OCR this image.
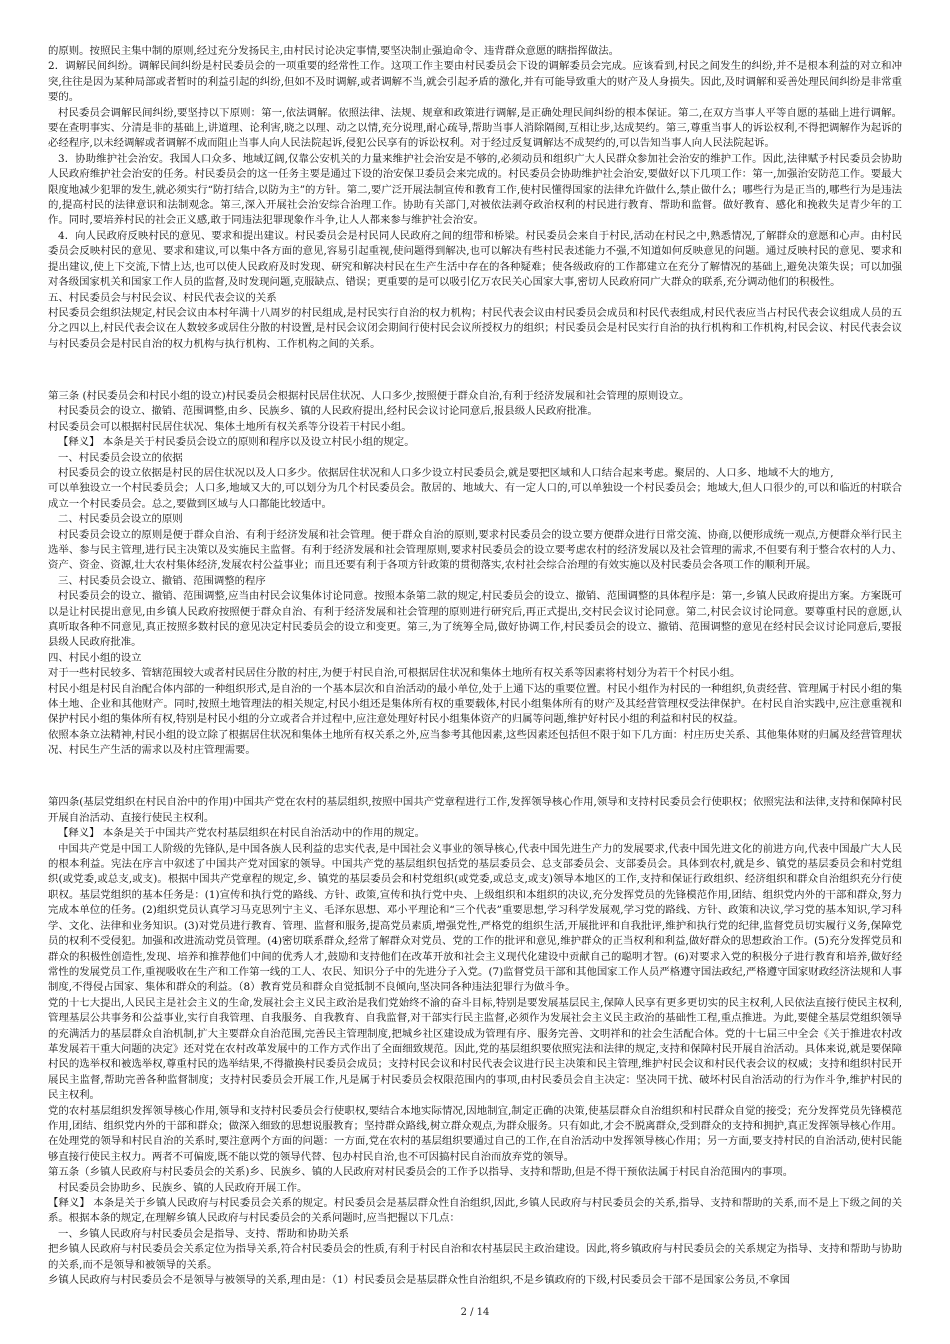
的原则。按照民主集中制的原则,经过充分发扬民主,由村民讨论决定事情,要坚决制止强迫命令、违背群众意愿的瞎指挥做法。

2．调解民间纠纷。调解民间纠纷是村民委员会的一项重要的经常性工作。这项工作主要由村民委员会下设的调解委员会完成。应该看到,村民之间发生的纠纷,并不是根本利益的对立和冲突,往往是因为某种局部或者暂时的利益引起的纠纷,但如不及时调解,或者调解不当,就会引起矛盾的激化,并有可能导致重大的财产及人身损失。因此,及时调解和妥善处理民间纠纷是非常重要的。

村民委员会调解民间纠纷,要坚持以下原则：第一,依法调解。依照法律、法规、规章和政策进行调解,是正确处理民间纠纷的根本保证。第二,在双方当事人平等自愿的基础上进行调解。要在查明事实、分清是非的基础上,讲道理、论利害,晓之以理、动之以情,充分说理,耐心疏导,帮助当事人消除隔阂,互相让步,达成契约。第三,尊重当事人的诉讼权利,不得把调解作为起诉的必经程序,以未经调解或者调解不成而阻止当事人向人民法院起诉,侵犯公民享有的诉讼权利。对于经过反复调解达不成契约的,可以告知当事人向人民法院起诉。

3．协助维护社会治安。我国人口众多、地域辽阔,仅靠公安机关的力量来维护社会治安是不够的,必须动员和组织广大人民群众参加社会治安的维护工作。因此,法律赋予村民委员会协助人民政府维护社会治安的任务。村民委员会的这一任务主要是通过下设的治安保卫委员会来完成的。村民委员会协助维护社会治安,要做好以下几项工作：第一,加强治安防范工作。要最大限度地减少犯罪的发生,就必须实行“防打结合,以防为主”的方针。第二,要广泛开展法制宣传和教育工作,使村民懂得国家的法律允许做什么,禁止做什么；哪些行为是正当的,哪些行为是违法的,提高村民的法律意识和法制观念。第三,深入开展社会治安综合治理工作。协助有关部门,对被依法剥夺政治权利的村民进行教育、帮助和监督。做好教育、感化和挽救失足青少年的工作。同时,要培养村民的社会正义感,敢于同违法犯罪现象作斗争,让人人都来参与维护社会治安。

4．向人民政府反映村民的意见、要求和提出建议。村民委员会是村民同人民政府之间的纽带和桥梁。村民委员会来自于村民,活动在村民之中,熟悉情况,了解群众的意愿和心声。由村民委员会反映村民的意见、要求和建议,可以集中各方面的意见,容易引起重视,使问题得到解决,也可以解决有些村民表述能力不强,不知道如何反映意见的问题。通过反映村民的意见、要求和提出建议,使上下交流,下情上达,也可以使人民政府及时发现、研究和解决村民在生产生活中存在的各种疑难；使各级政府的工作都建立在充分了解情况的基础上,避免决策失误；可以加强对各级国家机关和国家工作人员的监督,及时发现问题,克服缺点、错误；更重要的是可以吸引亿万农民关心国家大事,密切人民政府同广大群众的联系,充分调动他们的积极性。

五、村民委员会与村民会议、村民代表会议的关系

村民委员会组织法规定,村民会议由本村年满十八周岁的村民组成,是村民实行自治的权力机构；村民代表会议由村民委员会成员和村民代表组成,村民代表应当占村民代表会议组成人员的五分之四以上,村民代表会议在人数较多或居住分散的村设置,是村民会议闭会期间行使村民会议所授权力的组织；村民委员会是村民实行自治的执行机构和工作机构,村民会议、村民代表会议与村民委员会是村民自治的权力机构与执行机构、工作机构之间的关系。

第三条 (村民委员会和村民小组的设立)村民委员会根据村民居住状况、人口多少,按照便于群众自治,有利于经济发展和社会管理的原则设立。

村民委员会的设立、撤销、范围调整,由乡、民族乡、镇的人民政府提出,经村民会议讨论同意后,报县级人民政府批准。

村民委员会可以根据村民居住状况、集体土地所有权关系等分设若干村民小组。

【释义】 本条是关于村民委员会设立的原则和程序以及设立村民小组的规定。

一、村民委员会设立的依据

村民委员会的设立依据是村民的居住状况以及人口多少。依据居住状况和人口多少设立村民委员会,就是要把区域和人口结合起来考虑。聚居的、人口多、地域不大的地方,

可以单独设立一个村民委员会；人口多,地域又大的,可以划分为几个村民委员会。散居的、地域大、有一定人口的,可以单独设一个村民委员会；地域大,但人口很少的,可以和临近的村联合成立一个村民委员会。总之,要做到区域与人口都能比较适中。

二、村民委员会设立的原则

村民委员会设立的原则是便于群众自治、有利于经济发展和社会管理。便于群众自治的原则,要求村民委员会的设立要方便群众进行日常交流、协商,以便形成统一观点,方便群众举行民主选举、参与民主管理,进行民主决策以及实施民主监督。有利于经济发展和社会管理原则,要求村民委员会的设立要考虑农村的经济发展以及社会管理的需求,不但要有利于整合农村的人力、资产、资金、资源,壮大农村集体经济,发展农村公益事业；而且还要有利于各项方针政策的贯彻落实,农村社会综合治理的有效实施以及村民委员会各项工作的顺利开展。

三、村民委员会设立、撤销、范围调整的程序

村民委员会的设立、撤销、范围调整,应当由村民会议集体讨论同意。按照本条第二款的规定,村民委员会的设立、撤销、范围调整的具体程序是：第一,乡镇人民政府提出方案。方案既可以是让村民提出意见,由乡镇人民政府按照便于群众自治、有利于经济发展和社会管理的原则进行研究后,再正式提出,交村民会议讨论同意。第二,村民会议讨论同意。要尊重村民的意愿,认真听取各种不同意见,真正按照多数村民的意见决定村民委员会的设立和变更。第三,为了统筹全局,做好协调工作,村民委员会的设立、撤销、范围调整的意见在经村民会议讨论同意后,要报县级人民政府批准。

四、村民小组的设立

对于一些村民较多、管辖范围较大或者村民居住分散的村庄,为便于村民自治,可根据居住状况和集体土地所有权关系等因素将村划分为若干个村民小组。

村民小组是村民自治配合体内部的一种组织形式,是自治的一个基本层次和自治活动的最小单位,处于上通下达的重要位置。村民小组作为村民的一种组织,负责经营、管理属于村民小组的集体土地、企业和其他财产。同时,按照土地管理法的相关规定,村民小组还是集体所有权的重要载体,村民小组集体所有的财产及其经营管理权受法律保护。在村民自治实践中,应注意重视和保护村民小组的集体所有权,特别是村民小组的分立或者合并过程中,应注意处理好村民小组集体资产的归属等问题,维护好村民小组的利益和村民的权益。

依照本条立法精神,村民小组的设立除了根据居住状况和集体土地所有权关系之外,应当参考其他因素,这些因素还包括但不限于如下几方面：村庄历史关系、其他集体财的归属及经营管理状况、村民生产生活的需求以及村庄管理需要。

第四条(基层党组织在村民自治中的作用)中国共产党在农村的基层组织,按照中国共产党章程进行工作,发挥领导核心作用,领导和支持村民委员会行使职权；依照宪法和法律,支持和保障村民开展自治活动、直接行使民主权利。

【释义】 本条是关于中国共产党农村基层组织在村民自治活动中的作用的规定。

中国共产党是中国工人阶级的先锋队,是中国各族人民利益的忠实代表,是中国社会义事业的领导核心,代表中国先进生产力的发展要求,代表中国先进文化的前进方向,代表中国最广大人民的根本利益。宪法在序言中叙述了中国共产党对国家的领导。中国共产党的基层组织包括党的基层委员会、总支部委员会、支部委员会。具体到农村,就是乡、镇党的基层委员会和村党组织(或党委,或总支,或支)。根据中国共产党章程的规定,乡、镇党的基层委员会和村党组织(或党委,或总支,或支)领导本地区的工作,支持和保证行政组织、经济组织和群众自治组织充分行使职权。基层党组织的基本任务是：(1)宣传和执行党的路线、方针、政策,宣传和执行党中央、上级组织和本组织的决议,充分发挥党员的先锋模范作用,团结、组织党内外的干部和群众,努力完成本单位的任务。(2)组织党员认真学习马克思列宁主义、毛泽东思想、邓小平理论和“三个代表”重要思想,学习科学发展观,学习党的路线、方针、政策和决议,学习党的基本知识,学习科学、文化、法律和业务知识。(3)对党员进行教育、管理、监督和服务,提高党员素质,增强党性,严格党的组织生活,开展批评和自我批评,维护和执行党的纪律,监督党员切实履行义务,保障党员的权利不受侵犯。加强和改进流动党员管理。(4)密切联系群众,经常了解群众对党员、党的工作的批评和意见,维护群众的正当权利和利益,做好群众的思想政治工作。(5)充分发挥党员和群众的积极性创造性,发现、培养和推荐他们中间的优秀人才,鼓励和支持他们在改革开放和社会主义现代化建设中贡献自己的聪明才智。(6)对要求入党的积极分子进行教育和培养,做好经常性的发展党员工作,重视吸收在生产和工作第一线的工人、农民、知识分子中的先进分子入党。(7)监督党员干部和其他国家工作人员严格遵守国法政纪,严格遵守国家财政经济法规和人事制度,不得侵占国家、集体和群众的利益。（8）教育党员和群众自觉抵制不良倾向,坚决同各种违法犯罪行为做斗争。

党的十七大提出,人民民主是社会主义的生命,发展社会主义民主政治是我们党始终不渝的奋斗目标,特别是要发展基层民主,保障人民享有更多更切实的民主权利,人民依法直接行使民主权利,管理基层公共事务和公益事业,实行自我管理、自我服务、自我教育、自我监督,对干部实行民主监督,必须作为发展社会主义民主政治的基础性工程,重点推进。为此,要健全基层党组织领导的充满活力的基层群众自治机制,扩大主要群众自治范围,完善民主管理制度,把城乡社区建设成为管理有序、服务完善、文明祥和的社会生活配合体。党的十七届三中全会《关于推进农村改革发展若干重大问题的决定》还对党在农村改革发展中的工作方式作出了全面细致规范。因此,党的基层组织要依照宪法和法律的规定,支持和保障村民开展自治活动。具体来说,就是要保障村民的选举权和被选举权,尊重村民的选举结果,不得撤换村民委员会成员；支持村民会议和村民代表会议进行民主决策和民主管理,维护村民会议和村民代表会议的权威；支持和组织村民开展民主监督,帮助完善各种监督制度；支持村民委员会开展工作,凡是属于村民委员会权限范围内的事项,由村民委员会自主决定：坚决同干扰、破坏村民自治活动的行为作斗争,维护村民的民主权利。

党的农村基层组织发挥领导核心作用,领导和支持村民委员会行使职权,要结合本地实际情况,因地制宜,制定正确的决策,使基层群众自治组织和村民群众自觉的接受；充分发挥党员先锋模范作用,团结、组织党内外的干部和群众；做深入细致的思想说服教育；坚持群众路线,树立群众观点,为群众服务。只有如此,才会不脱离群众,受到群众的支持和拥护,真正发挥领导核心作用。在处理党的领导和村民自治的关系时,要注意两个方面的问题：一方面,党在农村的基层组织要通过自己的工作,在自治活动中发挥领导核心作用；另一方面,要支持村民的自治活动,使村民能够直接行使民主权力。两者不可偏废,既不能以党的领导代替、包办村民自治,也不可因搞村民自治而放弃党的领导。

第五条（乡镇人民政府与村民委员会的关系)乡、民族乡、镇的人民政府对村民委员会的工作予以指导、支持和帮助,但是不得干预依法属于村民自治范围内的事项。

村民委员会协助乡、民族乡、镇的人民政府开展工作。

【释义】 本条是关于乡镇人民政府与村民委员会关系的规定。村民委员会是基层群众性自治组织,因此,乡镇人民政府与村民委员会的关系,指导、支持和帮助的关系,而不是上下级之间的关系。根据本条的规定,在理解乡镇人民政府与村民委员会的关系问题时,应当把握以下几点：

一、乡镇人民政府与村民委员会是指导、支持、帮助和协助关系

把乡镇人民政府与村民委员会关系定位为指导关系,符合村民委员会的性质,有利于村民自治和农村基层民主政治建设。因此,将乡镇政府与村民委员会的关系规定为指导、支持和帮助与协助的关系,而不是领导和被领导的关系。

乡镇人民政府与村民委员会不是领导与被领导的关系,理由是：（1）村民委员会是基层群众性自治组织,不是乡镇政府的下级,村民委员会干部不是国家公务员,不拿国

2 / 14
